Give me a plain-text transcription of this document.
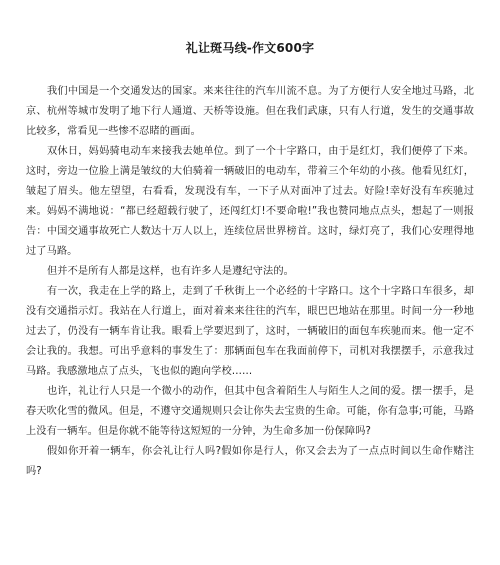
礼让斑马线-作文600字

我们中国是一个交通发达的国家。来来往往的汽车川流不息。为了方便行人安全地过马路，北京、杭州等城市发明了地下行人通道、天桥等设施。但在我们武康，只有人行道，发生的交通事故比较多，常看见一些惨不忍睹的画面。

双休日，妈妈骑电动车来接我去她单位。到了一个十字路口，由于是红灯，我们便停了下来。这时，旁边一位脸上满是皱纹的大伯骑着一辆破旧的电动车，带着三个年幼的小孩。他看见红灯，皱起了眉头。他左望望，右看看，发现没有车，一下子从对面冲了过去。好险!幸好没有车疾驰过来。妈妈不满地说：“都已经超载行驶了，还闯红灯!不要命啦!”我也赞同地点点头，想起了一则报告：中国交通事故死亡人数达十万人以上，连续位居世界榜首。这时，绿灯亮了，我们心安理得地过了马路。

但并不是所有人都是这样，也有许多人是遵纪守法的。

有一次，我走在上学的路上，走到了千秋街上一个必经的十字路口。这个十字路口车很多，却没有交通指示灯。我站在人行道上，面对着来来往往的汽车，眼巴巴地站在那里。时间一分一秒地过去了，仍没有一辆车肯让我。眼看上学要迟到了，这时，一辆破旧的面包车疾驰而来。他一定不会让我的。我想。可出乎意料的事发生了：那辆面包车在我面前停下，司机对我摆摆手，示意我过马路。我感激地点了点头，飞也似的跑向学校……

也许，礼让行人只是一个微小的动作，但其中包含着陌生人与陌生人之间的爱。摆一摆手，是春天吹化雪的微风。但是，不遵守交通规则只会让你失去宝贵的生命。可能，你有急事;可能，马路上没有一辆车。但是你就不能等待这短短的一分钟，为生命多加一份保障吗?

假如你开着一辆车，你会礼让行人吗?假如你是行人，你又会去为了一点点时间以生命作赌注吗?
